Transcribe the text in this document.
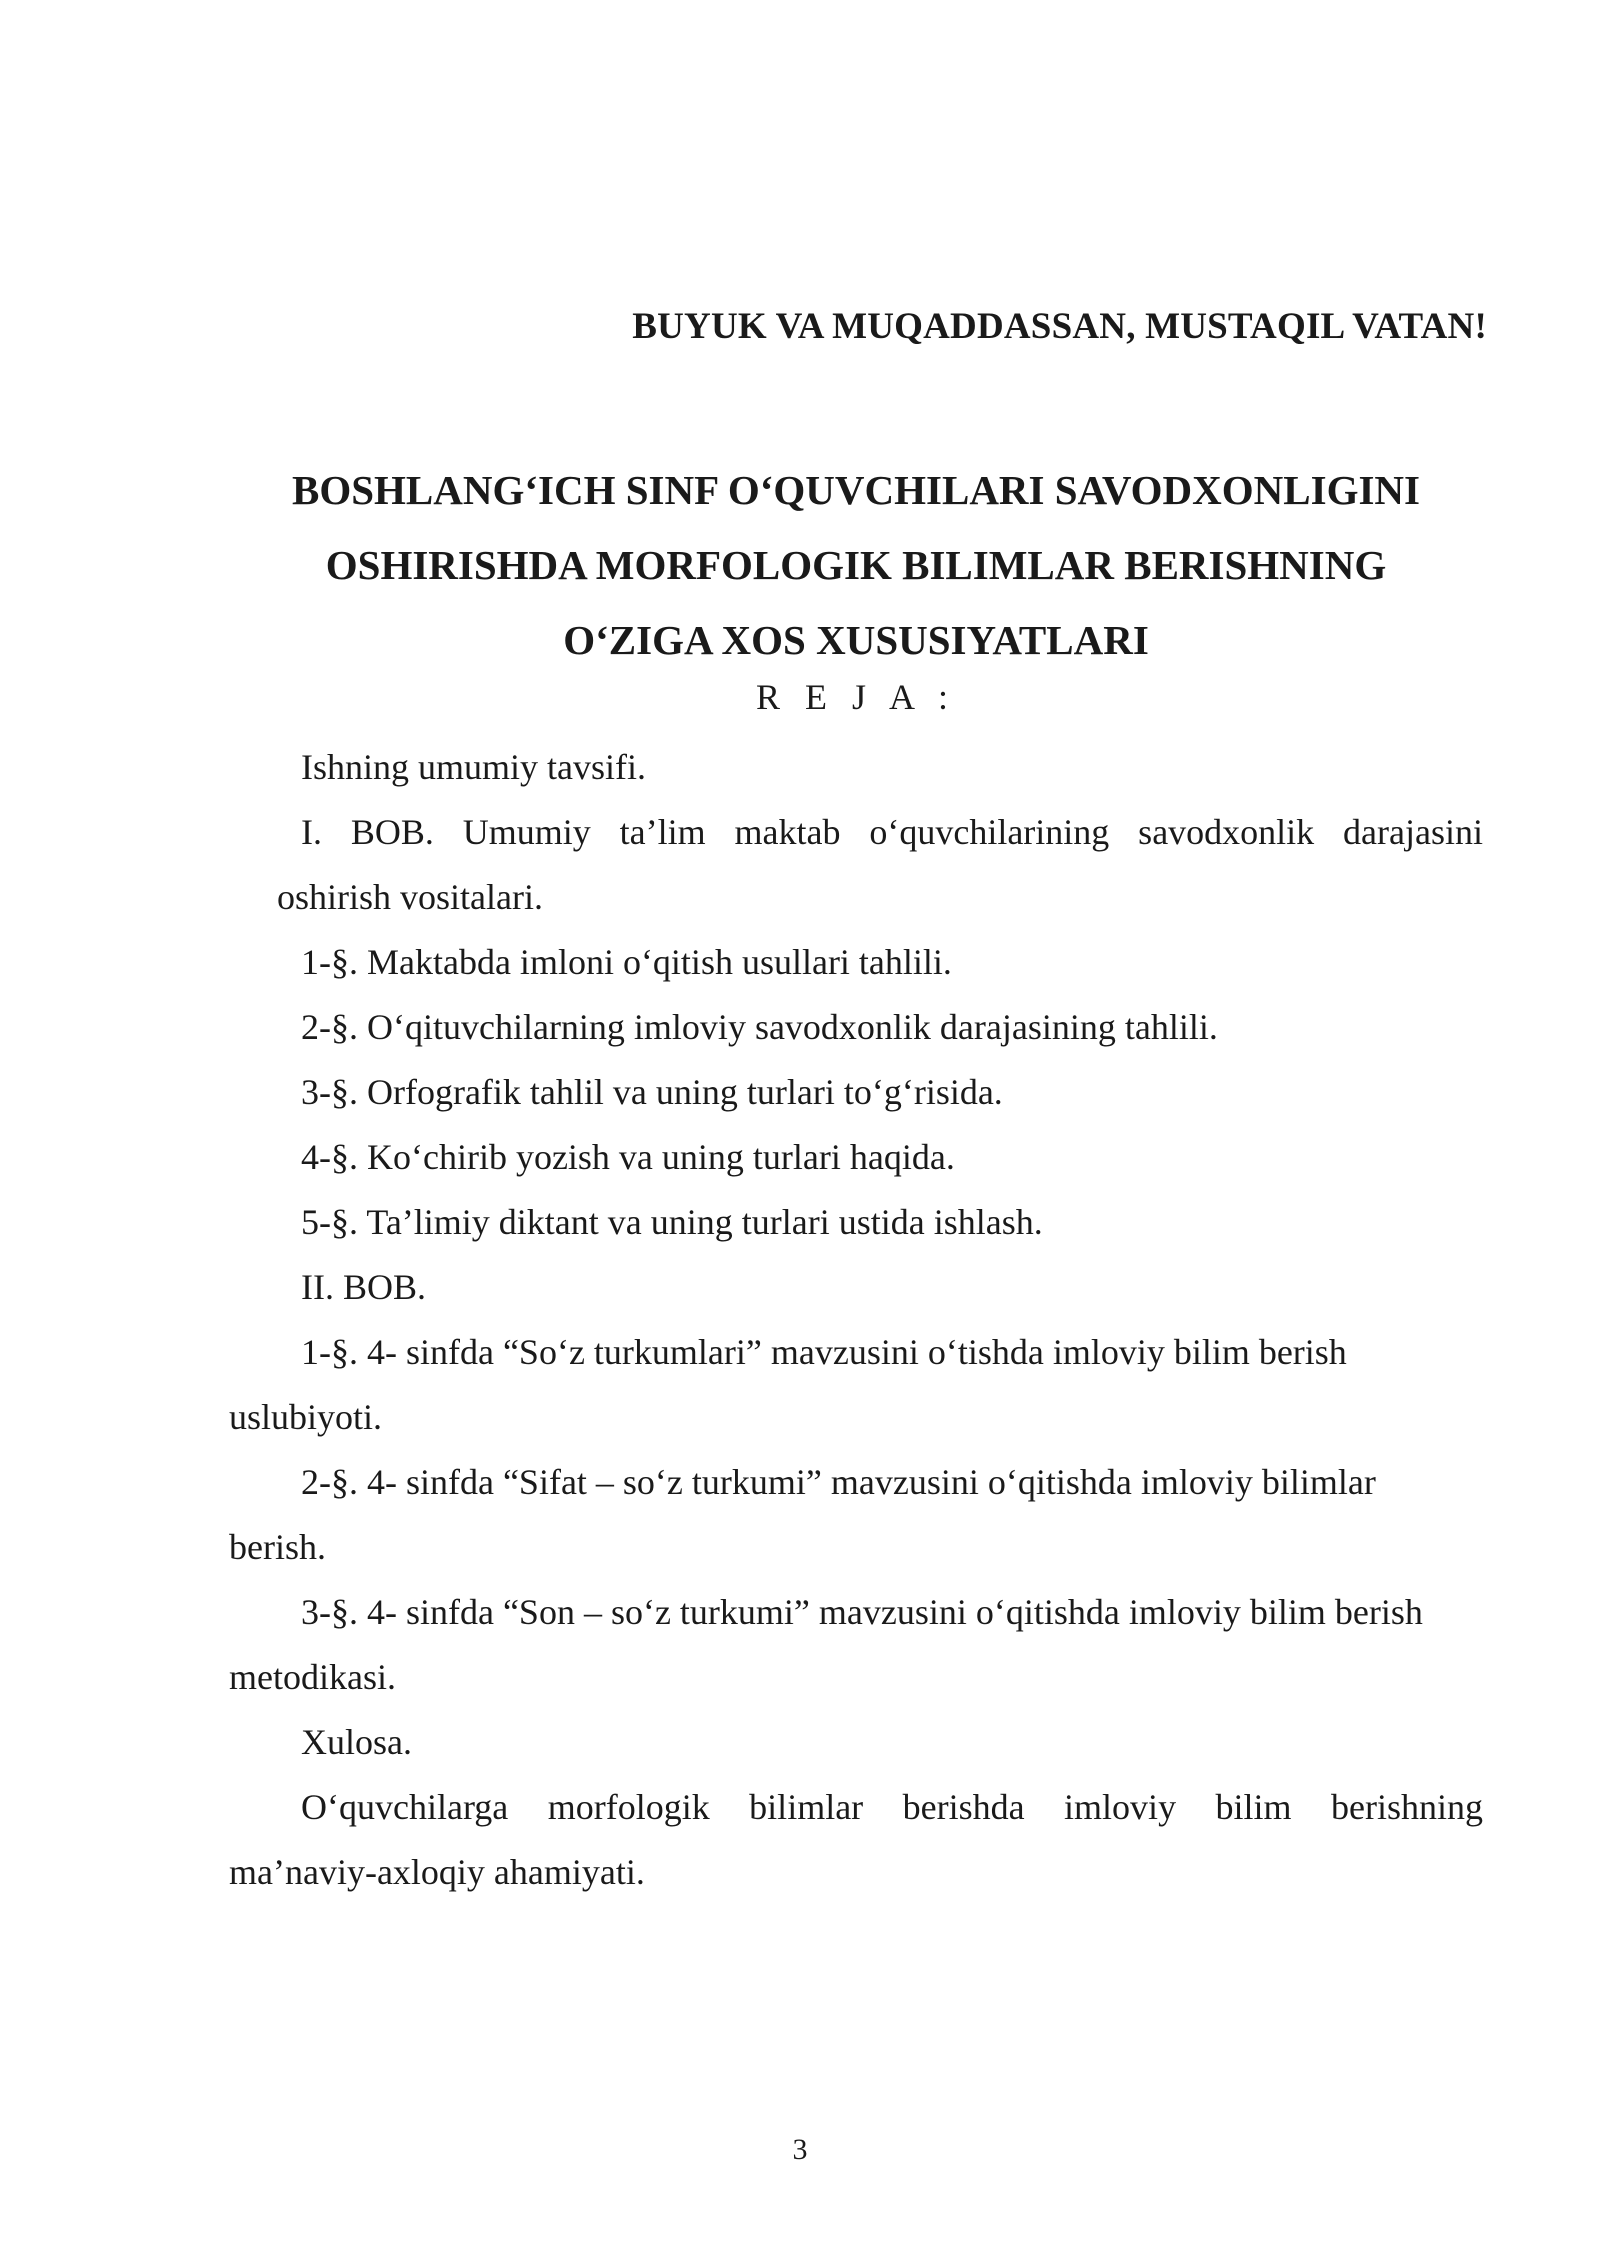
BUYUK VA MUQADDASSAN, MUSTAQIL VATAN!
BOSHLANG‘ICH SINF O‘QUVCHILARI SAVODXONLIGINI
OSHIRISHDA MORFOLOGIK BILIMLAR BERISHNING
O‘ZIGA XOS XUSUSIYATLARI
R E J A :

Ishning umumiy tavsifi.

I. BOB. Umumiy ta’lim maktab o‘quvchilarining savodxonlik darajasini

oshirish vositalari.

1-§. Maktabda imloni o‘qitish usullari tahlili.

2-§. O‘qituvchilarning imloviy savodxonlik darajasining tahlili.

3-§. Orfografik tahlil va uning turlari to‘g‘risida.

4-§. Ko‘chirib yozish va uning turlari haqida.

5-§. Ta’limiy diktant va uning turlari ustida ishlash.

II. BOB.

1-§. 4- sinfda “So‘z turkumlari” mavzusini o‘tishda imloviy bilim berish

uslubiyoti.

2-§. 4- sinfda “Sifat – so‘z turkumi” mavzusini o‘qitishda imloviy bilimlar

berish.

3-§. 4- sinfda “Son – so‘z turkumi” mavzusini o‘qitishda imloviy bilim berish

metodikasi.

Xulosa.

O‘quvchilarga morfologik bilimlar berishda imloviy bilim berishning

ma’naviy-axloqiy ahamiyati.

3
